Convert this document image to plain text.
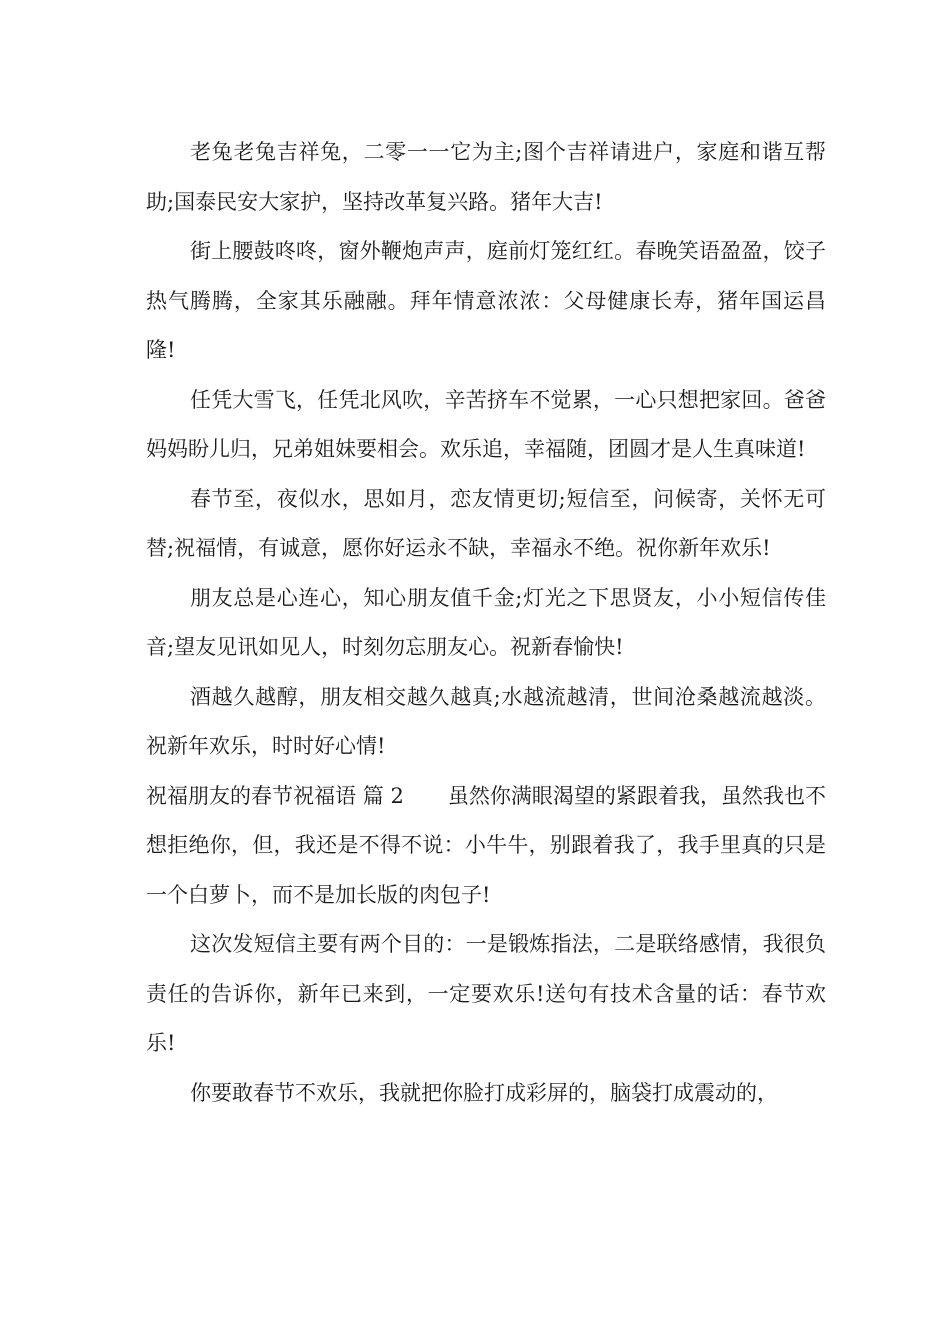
老兔老兔吉祥兔，二零一一它为主;图个吉祥请进户，家庭和谐互帮助;国泰民安大家护，坚持改革复兴路。猪年大吉!

街上腰鼓咚咚，窗外鞭炮声声，庭前灯笼红红。春晚笑语盈盈，饺子热气腾腾，全家其乐融融。拜年情意浓浓：父母健康长寿，猪年国运昌隆!

任凭大雪飞，任凭北风吹，辛苦挤车不觉累，一心只想把家回。爸爸妈妈盼儿归，兄弟姐妹要相会。欢乐追，幸福随，团圆才是人生真味道!

春节至，夜似水，思如月，恋友情更切;短信至，问候寄，关怀无可替;祝福情，有诚意，愿你好运永不缺，幸福永不绝。祝你新年欢乐!

朋友总是心连心，知心朋友值千金;灯光之下思贤友，小小短信传佳音;望友见讯如见人，时刻勿忘朋友心。祝新春愉快!

酒越久越醇，朋友相交越久越真;水越流越清，世间沧桑越流越淡。祝新年欢乐，时时好心情!

祝福朋友的春节祝福语 篇 2 虽然你满眼渴望的紧跟着我，虽然我也不想拒绝你，但，我还是不得不说：小牛牛，别跟着我了，我手里真的只是一个白萝卜，而不是加长版的肉包子!

这次发短信主要有两个目的：一是锻炼指法，二是联络感情，我很负责任的告诉你，新年已来到，一定要欢乐!送句有技术含量的话：春节欢乐!

你要敢春节不欢乐，我就把你脸打成彩屏的，脑袋打成震动的，
